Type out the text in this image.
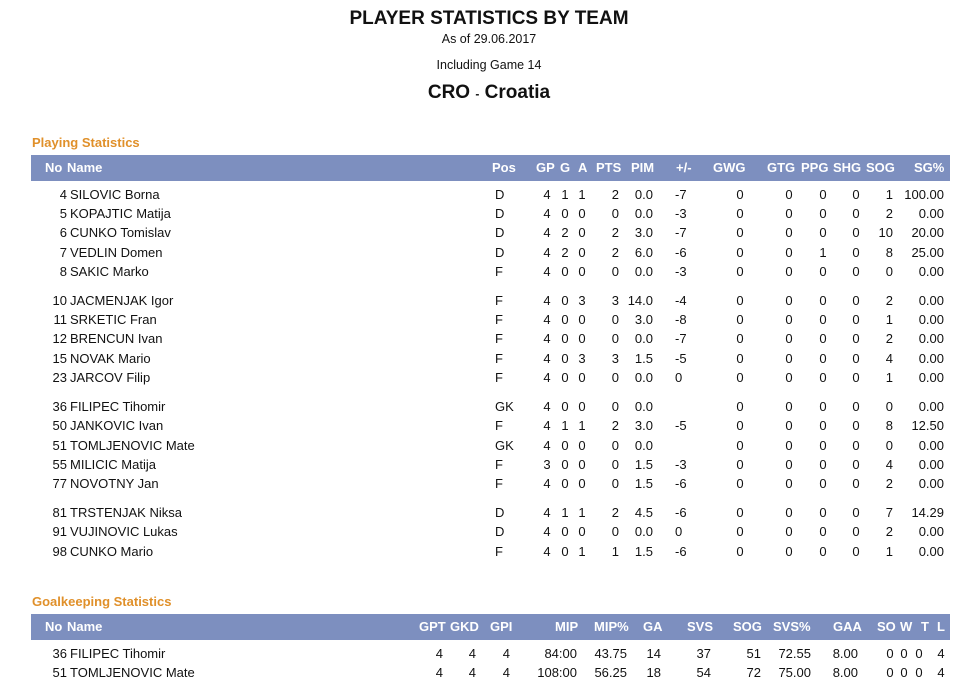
PLAYER STATISTICS BY TEAM
As of 29.06.2017
Including Game 14
CRO - Croatia
Playing Statistics
No Name	Pos GP G A PTS PIM +/- GWG GTG PPG SHG SOG SG%
4 SILOVIC Borna	D	4 1 1	2 0.0 -7	0	0	0	0	1 100.00
5 KOPAJTIC Matija	D	4 0 0	0 0.0 -3	0	0	0	0	2 0.00
6 CUNKO Tomislav	D	4 2 0	2 3.0 -7	0	0	0	0	10 20.00
7 VEDLIN Domen	D	4 2 0	2 6.0 -6	0	0	1	0	8 25.00
8 SAKIC Marko	F	4 0 0	0 0.0 -3	0	0	0	0	0 0.00
10 JACMENJAK Igor	F	4 0 3	3 14.0 -4	0	0	0	0	2 0.00
11 SRKETIC Fran	F	4 0 0	0 3.0 -8	0	0	0	0	1 0.00
12 BRENCUN Ivan	F	4 0 0	0 0.0 -7	0	0	0	0	2 0.00
15 NOVAK Mario	F	4 0 3	3 1.5 -5	0	0	0	0	4 0.00
23 JARCOV Filip	F	4 0 0	0 0.0 0	0	0	0	0	1 0.00
36 FILIPEC Tihomir	GK	4 0 0	0 0.0	0	0	0	0	0 0.00
50 JANKOVIC Ivan	F	4 1 1	2 3.0 -5	0	0	0	0	8 12.50
51 TOMLJENOVIC Mate	GK	4 0 0	0 0.0	0	0	0	0	0 0.00
55 MILICIC Matija	F	3 0 0	0 1.5 -3	0	0	0	0	4 0.00
77 NOVOTNY Jan	F	4 0 0	0 1.5 -6	0	0	0	0	2 0.00
81 TRSTENJAK Niksa	D	4 1 1	2 4.5 -6	0	0	0	0	7 14.29
91 VUJINOVIC Lukas	D	4 0 0	0 0.0 0	0	0	0	0	2 0.00
98 CUNKO Mario	F	4 0 1	1 1.5 -6	0	0	0	0	1 0.00
Goalkeeping Statistics
No Name	GPT GKD GPI	MIP MIP% GA SVS SOG SVS% GAA SO W T L
36 FILIPEC Tihomir	4 4 4	84:00 43.75 14	37	51 72.55 8.00	0 0 0	4
51 TOMLJENOVIC Mate	4 4 4 108:00 56.25 18	54	72 75.00 8.00	0 0 0	4
